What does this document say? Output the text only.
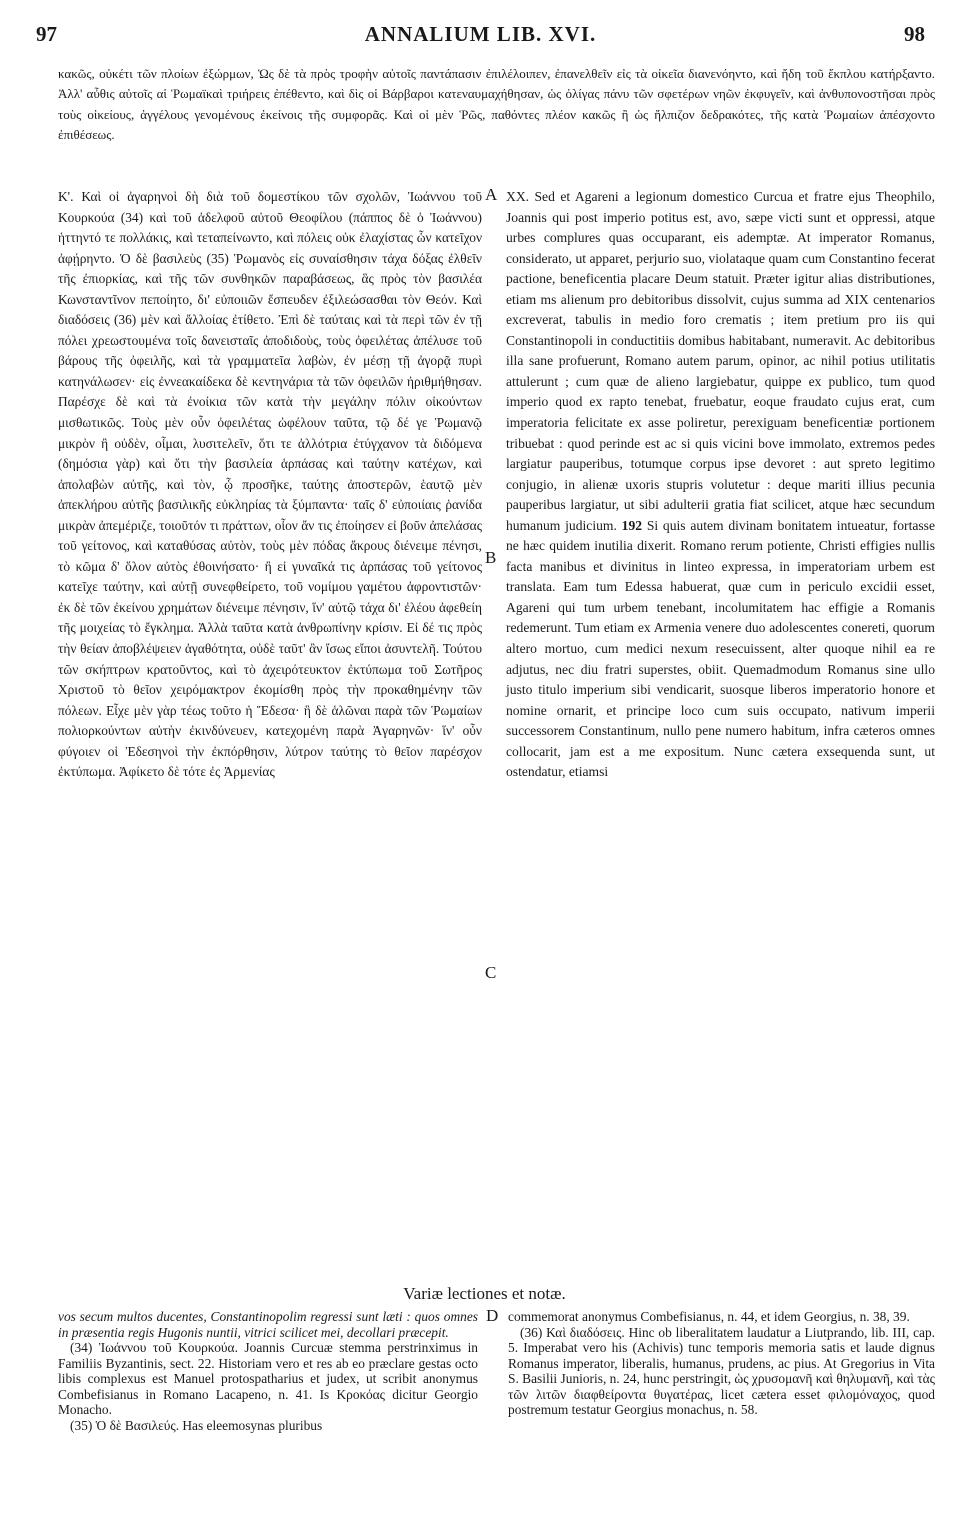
97	ANNALIUM LIB. XVI.	98
κακῶς, οὐκέτι τῶν πλοίων ἐξώρμων, Ὡς δὲ τὰ πρὸς τροφὴν αὐτοῖς παντάπασιν ἐπιλέλοιπεν, ἐπανελθεῖν εἰς τὰ οἰκεῖα διανενόηντο, καὶ ἤδη τοῦ ἔκπλου κατήρξαντο. Ἀλλ' αὖθις αὐτοῖς αἱ Ῥωμαϊκαὶ τριήρεις ἐπέθεντο, καὶ δὶς οἱ Βάρβαροι κατεναυμαχήθησαν, ὡς ὀλίγας πάνυ τῶν σφετέρων νηῶν ἐκφυγεῖν, καὶ ἀνθυπονοστῆσαι πρὸς τοὺς οἰκείους, ἀγγέλους γενομένους ἐκείνοις τῆς συμφορᾶς. Καὶ οἱ μὲν Ῥῶς, παθόντες πλέον κακῶς ἢ ὡς ἤλπιζον δεδρακότες, τῆς κατὰ Ῥωμαίων ἀπέσχοντο ἐπιθέσεως.

Κ'. Καὶ οἱ ἀγαρηνοὶ δὴ διὰ τοῦ δομεστίκου τῶν σχολῶν, Ἰωάννου τοῦ Κουρκούα (34) καὶ τοῦ ἀδελφοῦ αὐτοῦ Θεοφίλου (πάππος δὲ ὁ Ἰωάννου) ἡττηντό τε πολλάκις, καὶ τεταπείνωντο, καὶ πόλεις οὐκ ἐλαχίστας ὧν κατεῖχον ἀφῄρηντο. Ὁ δὲ βασιλεὺς (35) Ῥωμανὸς εἰς συναίσθησιν τάχα δόξας ἐλθεῖν τῆς ἐπιορκίας, καὶ τῆς τῶν συνθηκῶν παραβάσεως, ἃς πρὸς τὸν βασιλέα Κωνσταντῖνον πεποίητο, δι' εὐποιιῶν ἔσπευδεν ἐξιλεώσασθαι τὸν Θεόν. Καὶ διαδόσεις (36) μὲν καὶ ἄλλοίας ἐτίθετο. Ἐπὶ δὲ ταύταις καὶ τὰ περὶ τῶν ἐν τῇ πόλει χρεωστουμένα τοῖς δανεισταῖς ἀποδιδοὺς, τοὺς ὀφειλέτας ἀπέλυσε τοῦ βάρους τῆς ὀφειλῆς, καὶ τὰ γραμματεῖα λαβὼν, ἐν μέσῃ τῇ ἀγορᾷ πυρὶ κατηνάλωσεν· εἰς ἐννεακαίδεκα δὲ κεντηνάρια τὰ τῶν ὀφειλῶν ἠριθμήθησαν. Παρέσχε δὲ καὶ τὰ ἐνοίκια τῶν κατὰ τὴν μεγάλην πόλιν οἰκούντων μισθωτικῶς. Τοὺς μὲν οὖν ὀφειλέτας ὠφέλουν ταῦτα, τῷ δέ γε Ῥωμανῷ μικρὸν ἢ οὐδὲν, οἶμαι, λυσιτελεῖν, ὅτι τε ἀλλότρια ἐτύγχανον τὰ διδόμενα (δημόσια γὰρ) καὶ ὅτι τὴν βασιλεία ἁρπάσας καὶ ταύτην κατέχων, καὶ ἀπολαβὼν αὐτῆς, καὶ τὸν, ᾧ προσῆκε, ταύτης ἀποστερῶν, ἑαυτῷ μὲν ἀπεκλήρου αὐτῆς βασιλικῆς εὐκληρίας τὰ ξύμπαντα· ταῖς δ' εὐποιίαις ῥανίδα μικρὰν ἀπεμέριζε, τοιοῦτόν τι πράττων, οἷον ἄν τις ἐποίησεν εἰ βοῦν ἀπελάσας τοῦ γείτονος, καὶ καταθύσας αὐτὸν, τοὺς μὲν πόδας ἄκρους διένειμε πένησι, τὸ κῶμα δ' ὅλον αὐτὸς ἐθοινήσατο· ἢ εἰ γυναῖκά τις ἁρπάσας τοῦ γείτονος κατεῖχε ταύτην, καὶ αὐτῇ συνεφθείρετο, τοῦ νομίμου γαμέτου ἀφροντιστῶν· ἐκ δὲ τῶν ἐκείνου χρημάτων διένειμε πένησιν, ἵν' αὐτῷ τάχα δι' ἐλέου ἀφεθείη τῆς μοιχείας τὸ ἔγκλημα. Ἀλλὰ ταῦτα κατὰ ἀνθρωπίνην κρίσιν. Εἰ δέ τις πρὸς τὴν θείαν ἀποβλέψειεν ἀγαθότητα, οὐδὲ ταῦτ' ἂν ἴσως εἴποι ἀσυντελῆ. Τούτου τῶν σκήπτρων κρατοῦντος, καὶ τὸ ἀχειρότευκτον ἐκτύπωμα τοῦ Σωτῆρος Χριστοῦ τὸ θεῖον χειρόμακτρον ἐκομίσθη πρὸς τὴν προκαθημένην τῶν πόλεων. Εἶχε μὲν γὰρ τέως τοῦτο ἡ Ἔδεσα· ἣ δὲ ἁλῶναι παρὰ τῶν Ῥωμαίων πολιορκούντων αὐτὴν ἐκινδύνευεν, κατεχομένη παρὰ Ἀγαρηνῶν· ἵν' οὖν φύγοιεν οἱ Ἐδεσηνοὶ τὴν ἐκπόρθησιν, λύτρον ταύτης τὸ θεῖον παρέσχον ἐκτύπωμα. Ἀφίκετο δὲ τότε ἐς Ἀρμενίας

A
B
C

XX. Sed et Agareni a legionum domestico Curcua et fratre ejus Theophilo, Joannis qui post imperio potitus est, avo, sæpe victi sunt et oppressi, atque urbes complures quas occuparant, eis ademptæ. At imperator Romanus, considerato, ut apparet, perjurio suo, violataque quam cum Constantino fecerat pactione, beneficentia placare Deum statuit. Præter igitur alias distributiones, etiam ms alienum pro debitoribus dissolvit, cujus summa ad XIX centenarios excreverat, tabulis in medio foro crematis ; item pretium pro iis qui Constantinopoli in conductitiis domibus habitabant, numeravit. Ac debitoribus illa sane profuerunt, Romano autem parum, opinor, ac nihil potius utilitatis attulerunt ; cum quæ de alieno largiebatur, quippe ex publico, tum quod imperio quod ex rapto tenebat, fruebatur, eoque fraudato cujus erat, cum imperatoria felicitate ex asse poliretur, perexiguam beneficentiæ portionem tribuebat : quod perinde est ac si quis vicini bove immolato, extremos pedes largiatur pauperibus, totumque corpus ipse devoret : aut spreto legitimo conjugio, in alienæ uxoris stupris volutetur : deque mariti illius pecunia pauperibus largiatur, ut sibi adulterii gratia fiat scilicet, atque hæc secundum humanum judicium. 192 Si quis autem divinam bonitatem intueatur, fortasse ne hæc quidem inutilia dixerit. Romano rerum potiente, Christi effigies nullis facta manibus et divinitus in linteo expressa, in imperatoriam urbem est translata. Eam tum Edessa habuerat, quæ cum in periculo excidii esset, Agareni qui tum urbem tenebant, incolumitatem hac effigie a Romanis redemerunt. Tum etiam ex Armenia venere duo adolescentes conereti, quorum altero mortuo, cum medici nexum resecuissent, alter quoque nihil ea re adjutus, nec diu fratri superstes, obiit. Quemadmodum Romanus sine ullo justo titulo imperium sibi vendicarit, suosque liberos imperatorio honore et nomine ornarit, et principe loco cum suis occupato, nativum imperii successorem Constantinum, nullo pene numero habitum, infra cæteros omnes collocarit, jam est a me expositum. Nunc cætera exsequenda sunt, ut ostendatur, etiamsi

Variæ lectiones et notæ.

vos secum multos ducentes, Constantinopolim regressi sunt læti : quos omnes in præsentia regis Hugonis nuntii, vitrici scilicet mei, decollari præcepit.

(34) Ἰωάννου τοῦ Κουρκούα. Joannis Curcuæ stemma perstrinximus in Familiis Byzantinis, sect. 22. Historiam vero et res ab eo præclare gestas octo libis complexus est Manuel protospatharius et judex, ut scribit anonymus Combefisianus in Romano Lacapeno, n. 41. Is Κροκόας dicitur Georgio Monacho.

(35) Ὁ δὲ Βασιλεύς. Has eleemosynas pluribus

D commemorat anonymus Combefisianus, n. 44, et idem Georgius, n. 38, 39.

(36) Καὶ διαδόσεις. Hinc ob liberalitatem laudatur a Liutprando, lib. III, cap. 5. Imperabat vero his (Achivis) tunc temporis memoria satis et laude dignus Romanus imperator, liberalis, humanus, prudens, ac pius. At Gregorius in Vita S. Basilii Junioris, n. 24, hunc perstringit, ὡς χρυσομανῆ καὶ θηλυμανῆ, καὶ τὰς τῶν λιτῶν διαφθείροντα θυγατέρας, licet cætera esset φιλομόναχος, quod postremum testatur Georgius monachus, n. 58.
